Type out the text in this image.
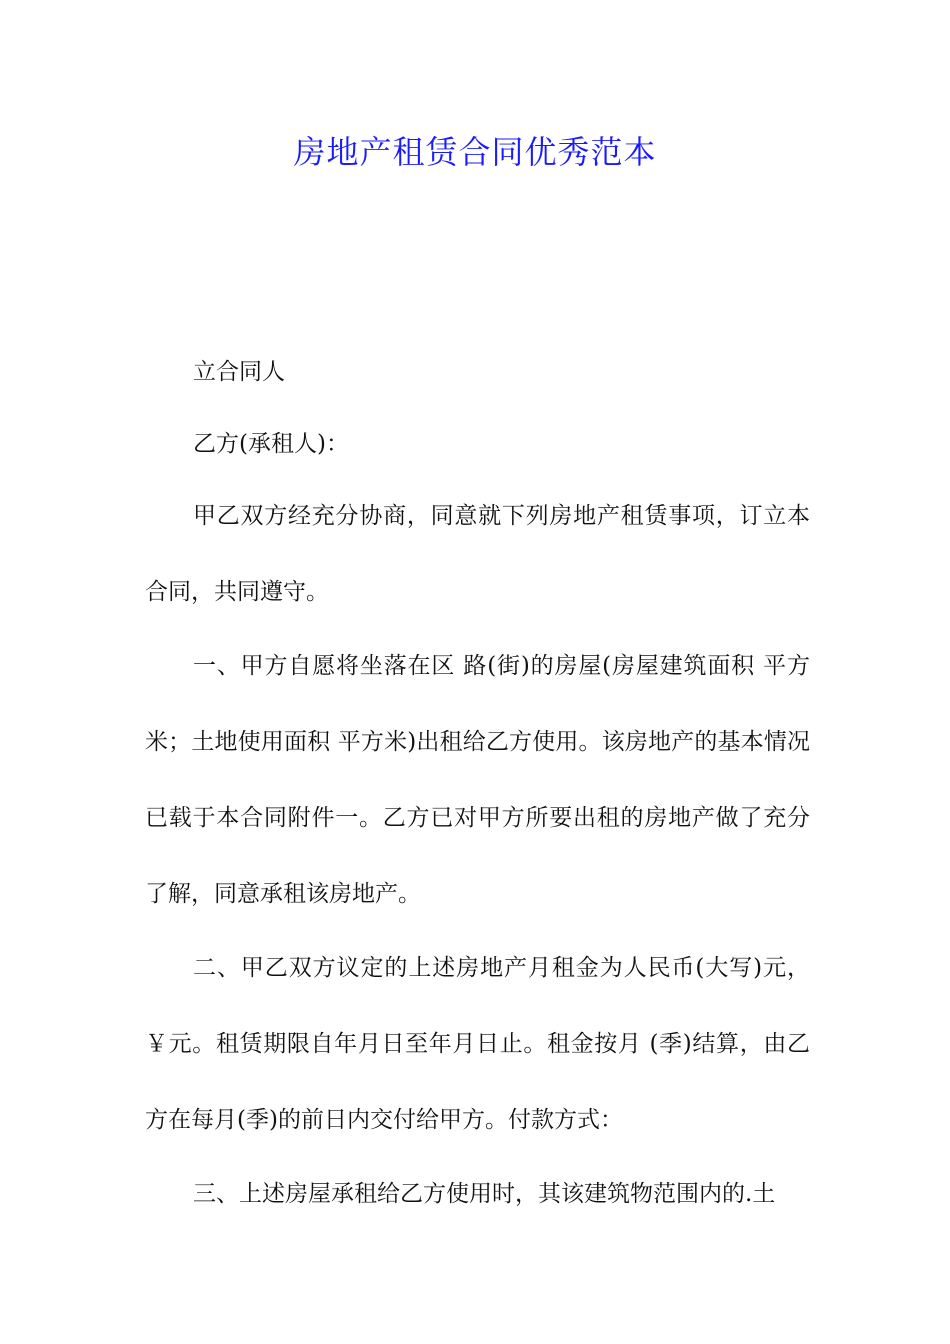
房地产租赁合同优秀范本

立合同人

乙方(承租人)：

甲乙双方经充分协商，同意就下列房地产租赁事项，订立本合同，共同遵守。

一、甲方自愿将坐落在区 路(街)的房屋(房屋建筑面积 平方米；土地使用面积 平方米)出租给乙方使用。该房地产的基本情况已载于本合同附件一。乙方已对甲方所要出租的房地产做了充分了解，同意承租该房地产。

二、甲乙双方议定的上述房地产月租金为人民币(大写)元，￥元。租赁期限自年月日至年月日止。租金按月 (季)结算，由乙方在每月(季)的前日内交付给甲方。付款方式：

三、上述房屋承租给乙方使用时，其该建筑物范围内的.土
